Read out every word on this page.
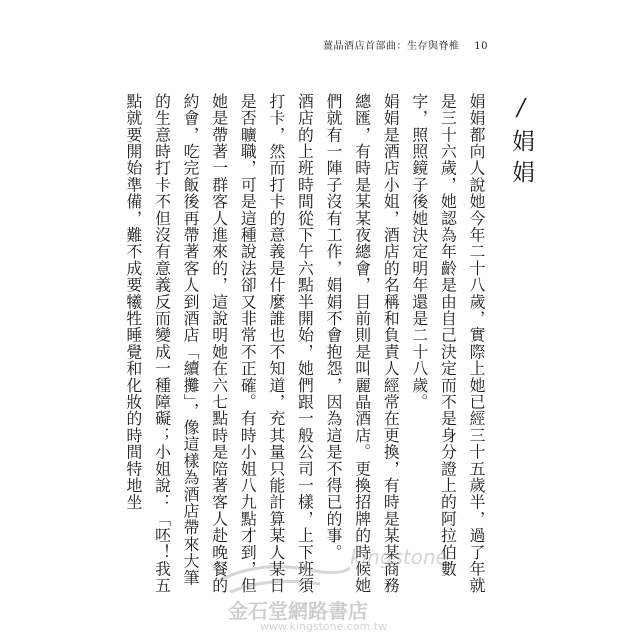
薑晶酒店首部曲：生存與脊椎 10
/娟娟

娟娟都向人說她今年二十八歲，實際上她已經三十五歲半，過了年就是三十六歲，她認為年齡是由自己決定而不是身分證上的阿拉伯數字，照照鏡子後她決定明年還是二十八歲。

娟娟是酒店小姐，酒店的名稱和負責人經常在更換，有時是某某商務總匯，有時是某某夜總會，目前則是叫麗晶酒店。更換招牌的時候她們就有一陣子沒有工作，娟娟不會抱怨，因為這是不得已的事。

酒店的上班時間從下午六點半開始，她們跟一般公司一樣，上下班須打卡，然而打卡的意義是什麼誰也不知道，充其量只能計算某人某日是否曠職，可是這種說法卻又非常不正確。有時小姐八九點才到，但她是帶著一群客人進來的，這說明她在六七點時是陪著客人赴晚餐的約會，吃完飯後再帶著客人到酒店「續攤」，像這樣為酒店帶來大筆的生意時打卡不但沒有意義反而變成一種障礙；小姐說：「呸！我五點就要開始準備，難不成要犧牲睡覺和化妝的時間特地坐

kingstone
金石堂網路書店
www.kingstone.com.tw
